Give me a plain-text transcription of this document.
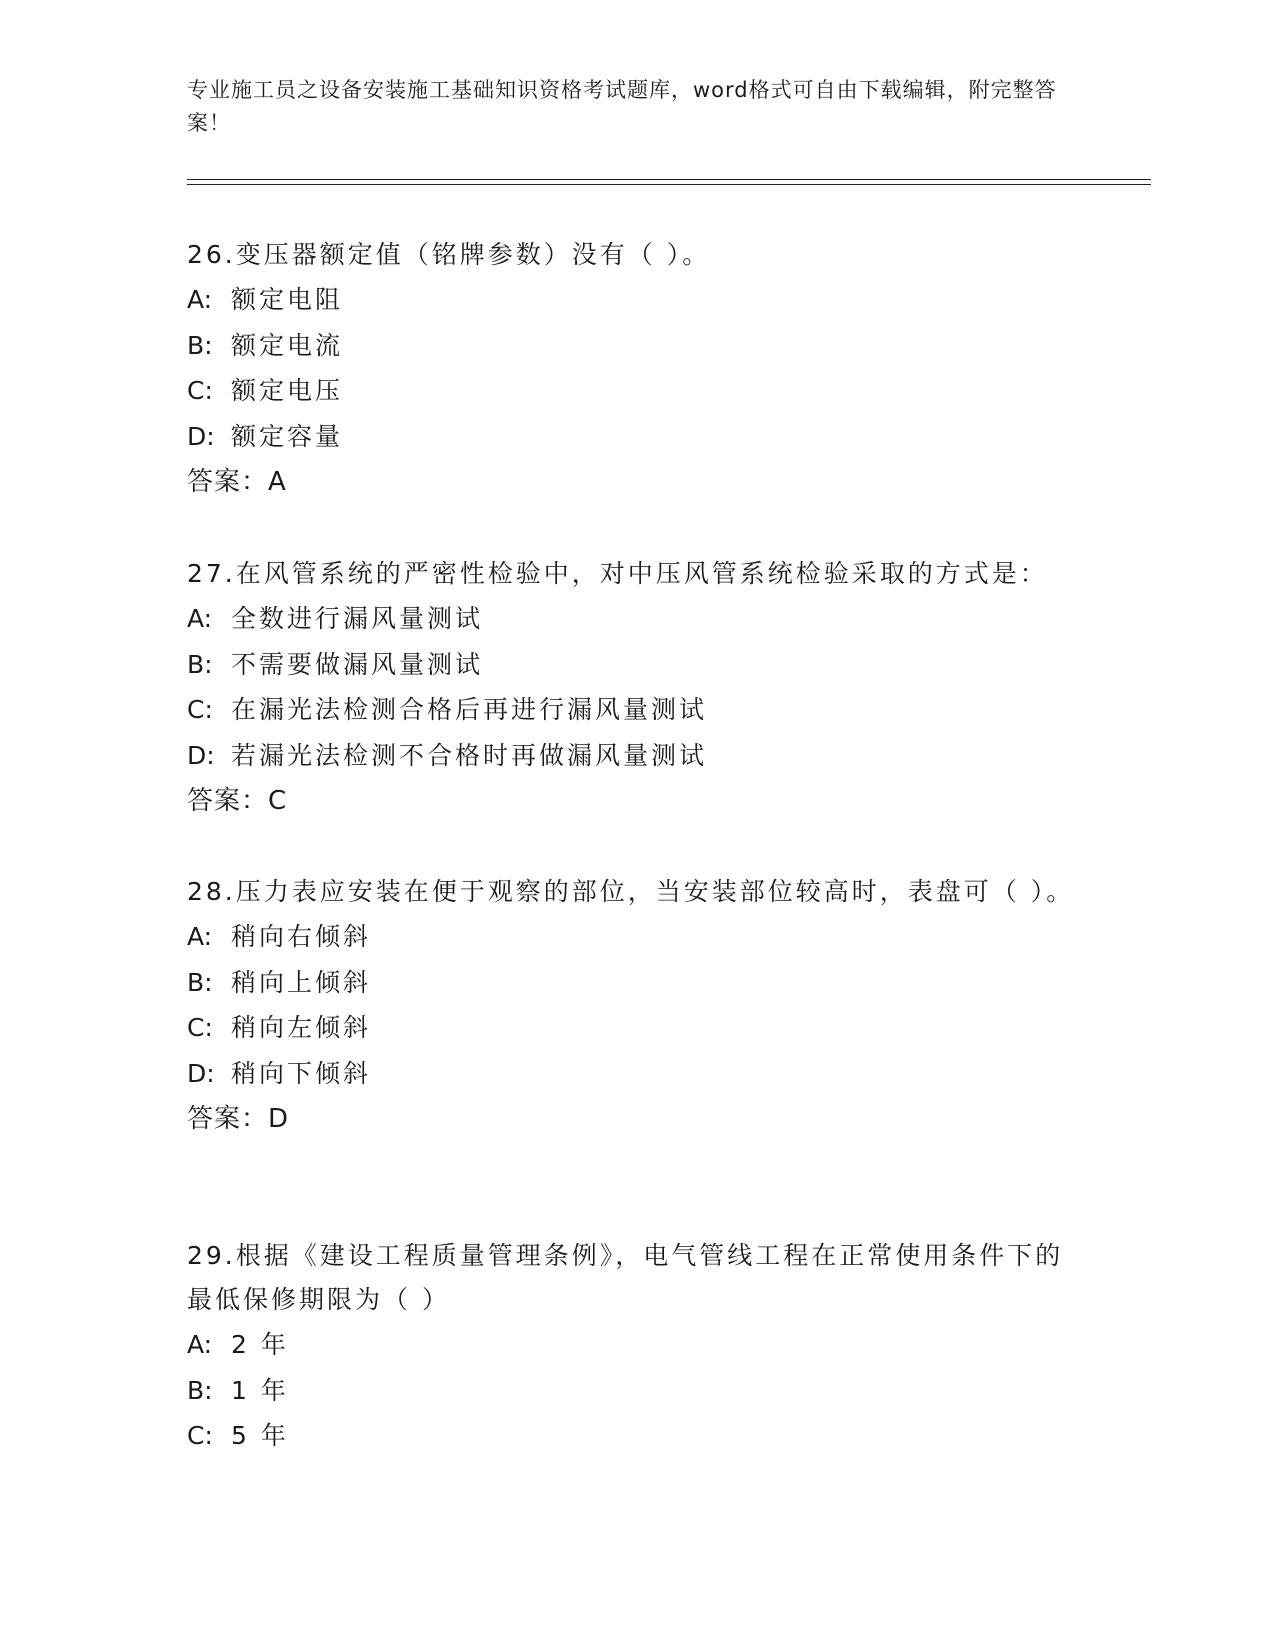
专业施工员之设备安装施工基础知识资格考试题库，word格式可自由下载编辑，附完整答案！

26.变压器额定值（铭牌参数）没有（ ）。

A: 额定电阻

B: 额定电流

C: 额定电压

D: 额定容量

答案：A

27.在风管系统的严密性检验中，对中压风管系统检验采取的方式是：

A: 全数进行漏风量测试

B: 不需要做漏风量测试

C: 在漏光法检测合格后再进行漏风量测试

D: 若漏光法检测不合格时再做漏风量测试

答案：C

28.压力表应安装在便于观察的部位，当安装部位较高时，表盘可（ ）。

A: 稍向右倾斜

B: 稍向上倾斜

C: 稍向左倾斜

D: 稍向下倾斜

答案：D

29.根据《建设工程质量管理条例》，电气管线工程在正常使用条件下的最低保修期限为（ ）

A: 2 年

B: 1 年

C: 5 年
